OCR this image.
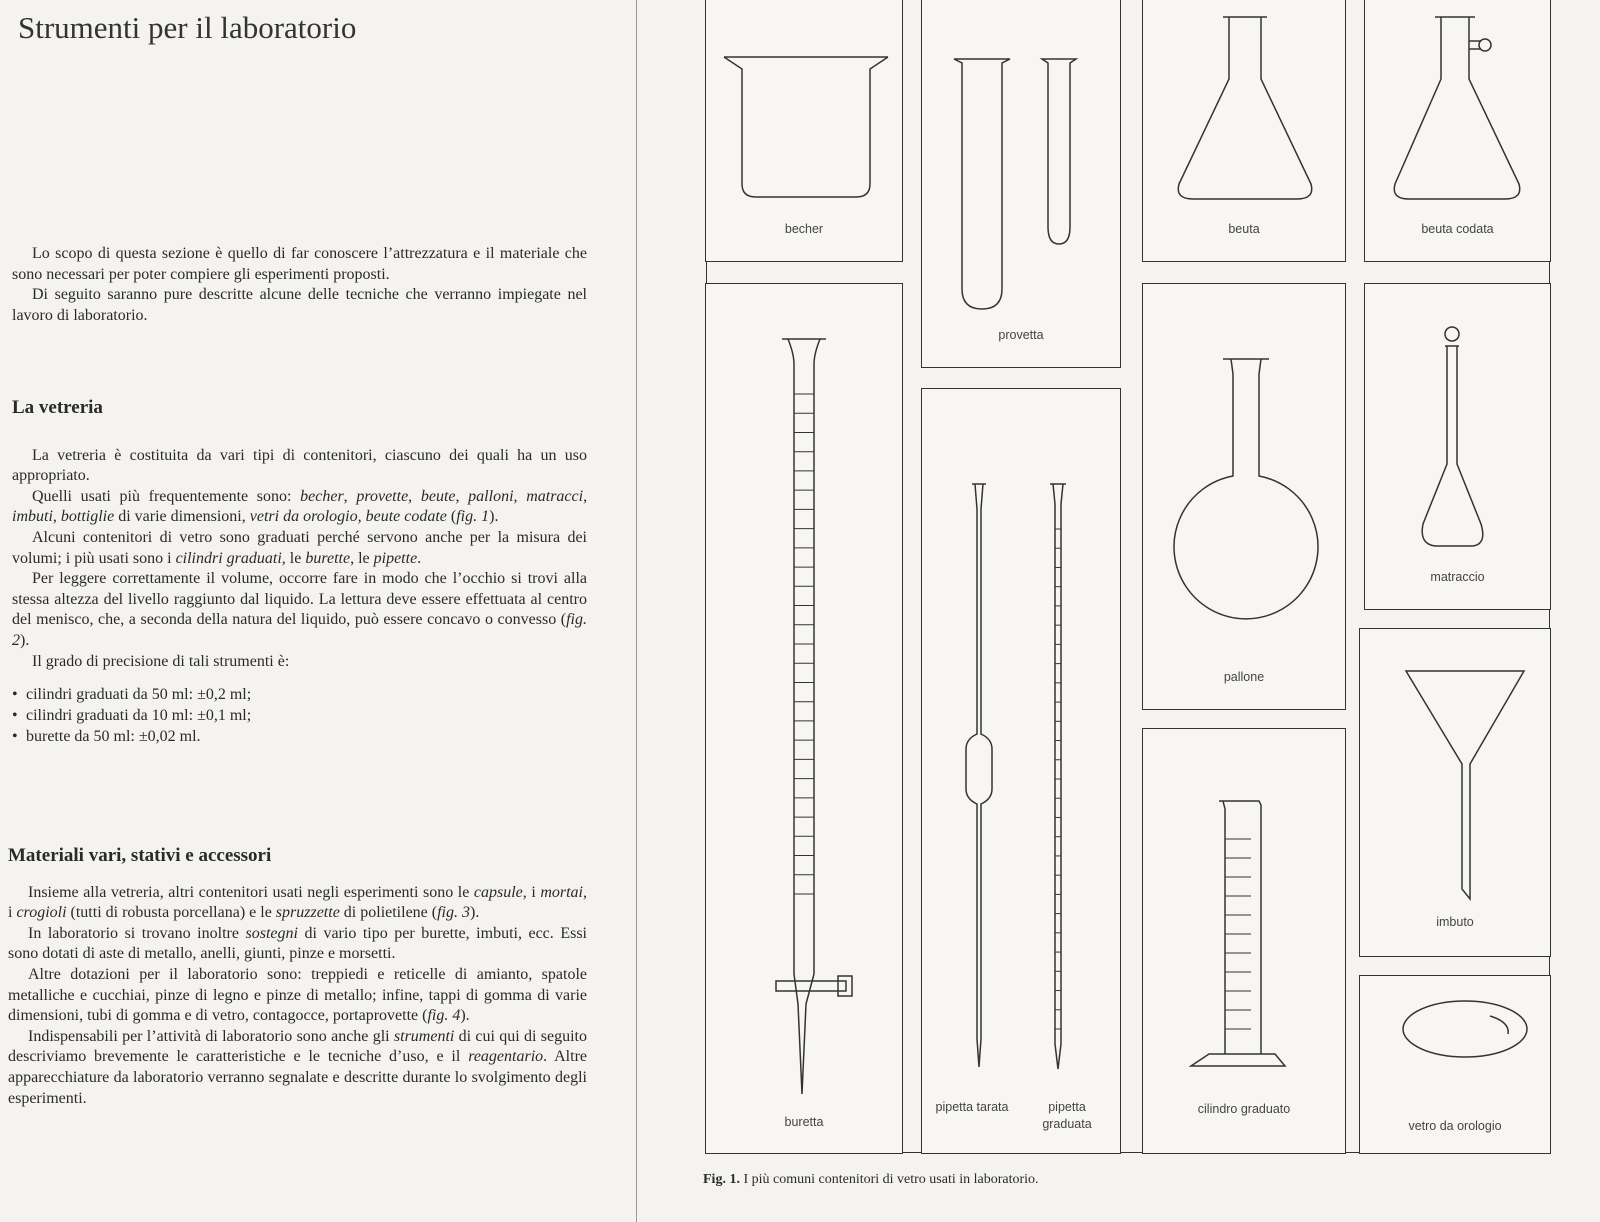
Strumenti per il laboratorio

Lo scopo di questa sezione è quello di far conoscere l’attrezzatura e il materiale che sono necessari per poter compiere gli esperimenti proposti.

Di seguito saranno pure descritte alcune delle tecniche che verranno impiegate nel lavoro di laboratorio.

La vetreria

La vetreria è costituita da vari tipi di contenitori, ciascuno dei quali ha un uso appropriato.

Quelli usati più frequentemente sono: becher, provette, beute, palloni, matracci, imbuti, bottiglie di varie dimensioni, vetri da orologio, beute codate (fig. 1).

Alcuni contenitori di vetro sono graduati perché servono anche per la misura dei volumi; i più usati sono i cilindri graduati, le burette, le pipette.

Per leggere correttamente il volume, occorre fare in modo che l’occhio si trovi alla stessa altezza del livello raggiunto dal liquido. La lettura deve essere effettuata al centro del menisco, che, a seconda della natura del liquido, può essere concavo o convesso (fig. 2).

Il grado di precisione di tali strumenti è:

• cilindri graduati da 50 ml: ±0,2 ml;
• cilindri graduati da 10 ml: ±0,1 ml;
• burette da 50 ml: ±0,02 ml.
Materiali vari, stativi e accessori

Insieme alla vetreria, altri contenitori usati negli esperimenti sono le capsule, i mortai, i crogioli (tutti di robusta porcellana) e le spruzzette di polietilene (fig. 3).

In laboratorio si trovano inoltre sostegni di vario tipo per burette, imbuti, ecc. Essi sono dotati di aste di metallo, anelli, giunti, pinze e morsetti.

Altre dotazioni per il laboratorio sono: treppiedi e reticelle di amianto, spatole metalliche e cucchiai, pinze di legno e pinze di metallo; infine, tappi di gomma di varie dimensioni, tubi di gomma e di vetro, contagocce, portaprovette (fig. 4).

Indispensabili per l’attività di laboratorio sono anche gli strumenti di cui qui di seguito descriviamo brevemente le caratteristiche e le tecniche d’uso, e il reagentario. Altre apparecchiature da laboratorio verranno segnalate e descritte durante lo svolgimento degli esperimenti.

becher
provetta
beuta	beuta codata
buretta
pipetta tarata	pipetta graduata
pallone
matraccio
imbuto
cilindro graduato
vetro da orologio
Fig. 1. I più comuni contenitori di vetro usati in laboratorio.
